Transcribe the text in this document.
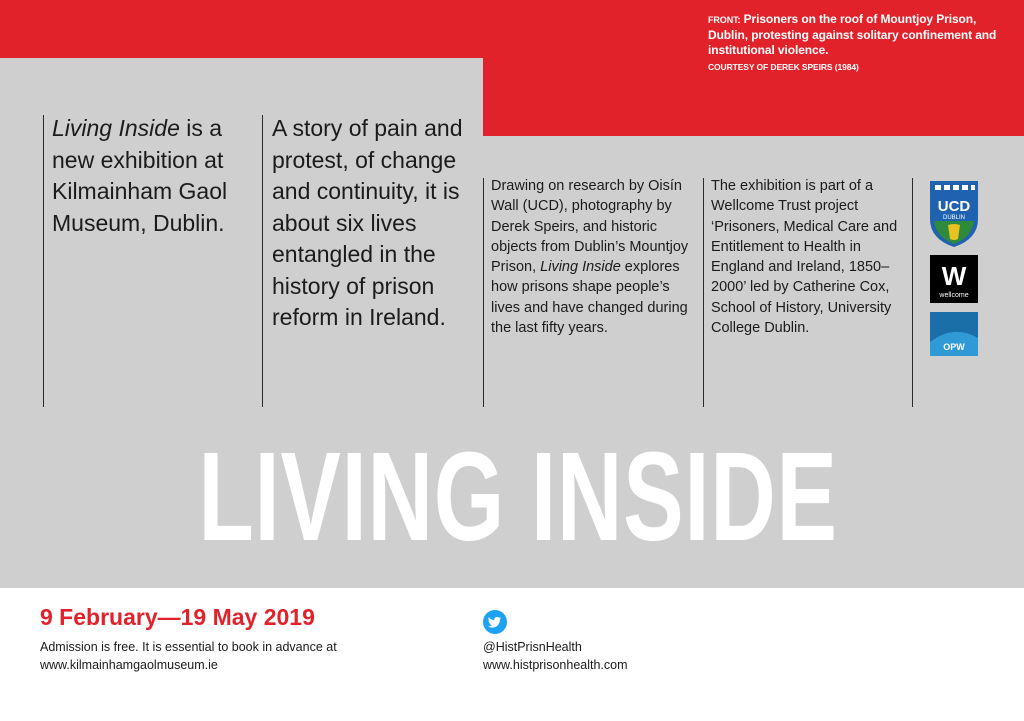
FRONT: Prisoners on the roof of Mountjoy Prison, Dublin, protesting against solitary confinement and institutional violence.
COURTESY OF DEREK SPEIRS (1984)
Living Inside is a new exhibition at Kilmainham Gaol Museum, Dublin.
A story of pain and protest, of change and continuity, it is about six lives entangled in the history of prison reform in Ireland.
Drawing on research by Oisín Wall (UCD), photography by Derek Speirs, and historic objects from Dublin’s Mountjoy Prison, Living Inside explores how prisons shape people’s lives and have changed during the last fifty years.
The exhibition is part of a Wellcome Trust project ‘Prisoners, Medical Care and Entitlement to Health in England and Ireland, 1850–2000’ led by Catherine Cox, School of History, University College Dublin.
UCD
DUBLIN
W
wellcome
OPW
LIVING INSIDE
9 February—19 May 2019
Admission is free. It is essential to book in advance at
www.kilmainhamgaolmuseum.ie
@HistPrisnHealth
www.histprisonhealth.com
